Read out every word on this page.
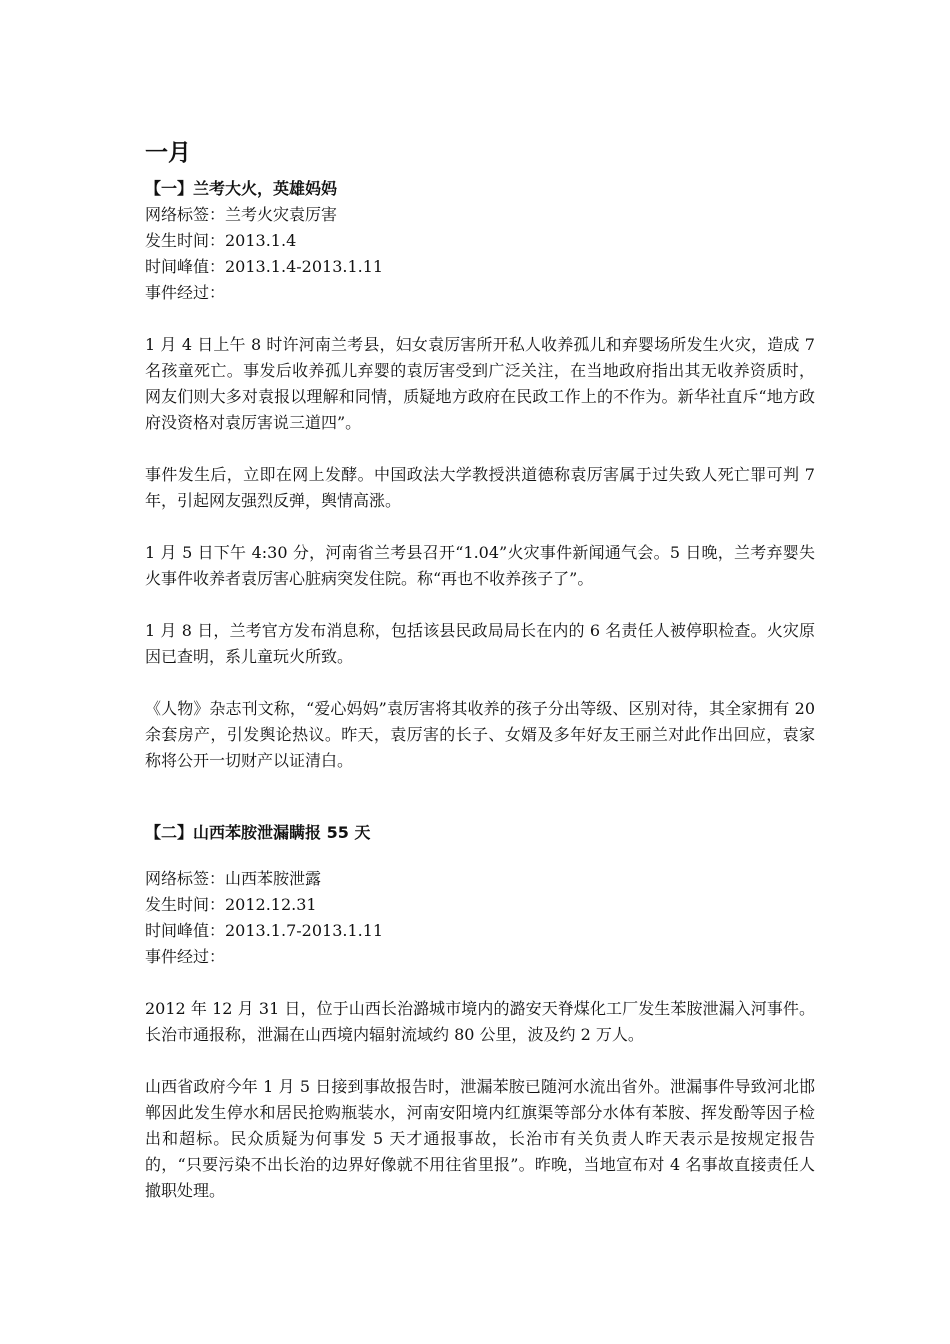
一月
【一】兰考大火，英雄妈妈
网络标签：兰考火灾袁厉害
发生时间：2013.1.4
时间峰值：2013.1.4-2013.1.11
事件经过：
1 月 4 日上午 8 时许河南兰考县，妇女袁厉害所开私人收养孤儿和弃婴场所发生火灾，造成 7 名孩童死亡。事发后收养孤儿弃婴的袁厉害受到广泛关注，在当地政府指出其无收养资质时，网友们则大多对袁报以理解和同情，质疑地方政府在民政工作上的不作为。新华社直斥“地方政府没资格对袁厉害说三道四”。
事件发生后，立即在网上发酵。中国政法大学教授洪道德称袁厉害属于过失致人死亡罪可判 7 年，引起网友强烈反弹，舆情高涨。
1 月 5 日下午 4:30 分，河南省兰考县召开“1.04”火灾事件新闻通气会。5 日晚，兰考弃婴失火事件收养者袁厉害心脏病突发住院。称“再也不收养孩子了”。
1 月 8 日，兰考官方发布消息称，包括该县民政局局长在内的 6 名责任人被停职检查。火灾原因已查明，系儿童玩火所致。
《人物》杂志刊文称，“爱心妈妈”袁厉害将其收养的孩子分出等级、区别对待，其全家拥有 20 余套房产，引发舆论热议。昨天，袁厉害的长子、女婿及多年好友王丽兰对此作出回应，袁家称将公开一切财产以证清白。
【二】山西苯胺泄漏瞒报 55 天
网络标签：山西苯胺泄露
发生时间：2012.12.31
时间峰值：2013.1.7-2013.1.11
事件经过：
2012 年 12 月 31 日，位于山西长治潞城市境内的潞安天脊煤化工厂发生苯胺泄漏入河事件。长治市通报称，泄漏在山西境内辐射流域约 80 公里，波及约 2 万人。
山西省政府今年 1 月 5 日接到事故报告时，泄漏苯胺已随河水流出省外。泄漏事件导致河北邯郸因此发生停水和居民抢购瓶装水，河南安阳境内红旗渠等部分水体有苯胺、挥发酚等因子检出和超标。民众质疑为何事发 5 天才通报事故，长治市有关负责人昨天表示是按规定报告的，“只要污染不出长治的边界好像就不用往省里报”。昨晚，当地宣布对 4 名事故直接责任人撤职处理。
